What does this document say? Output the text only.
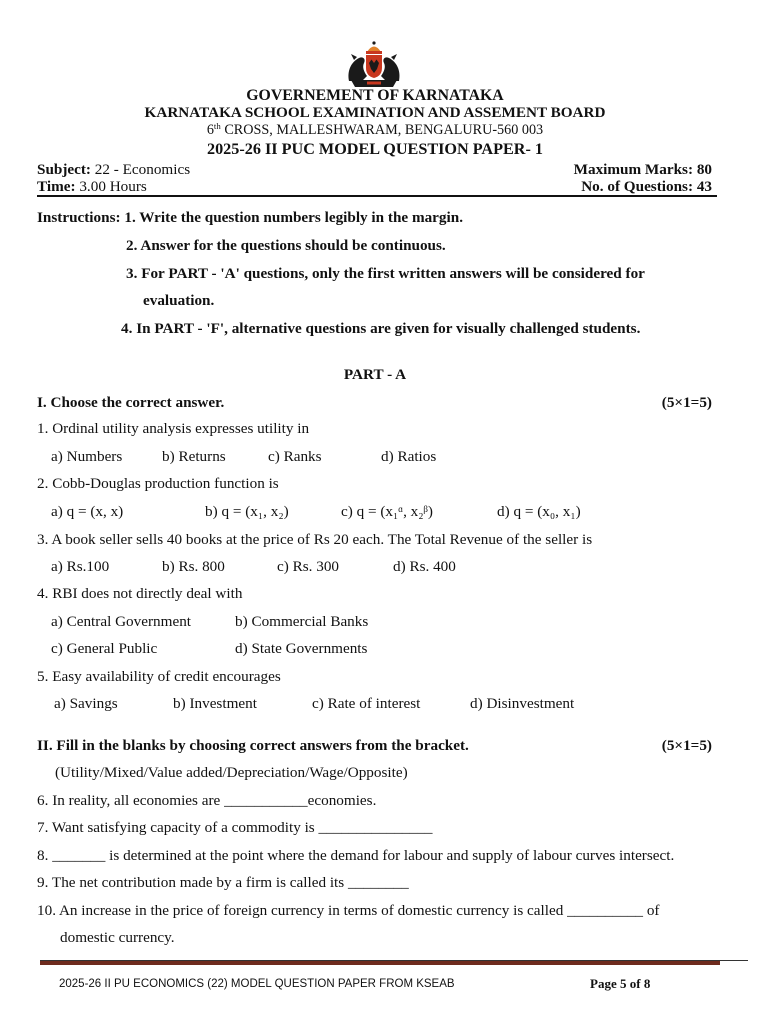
GOVERNEMENT OF KARNATAKA
KARNATAKA SCHOOL EXAMINATION AND ASSEMENT BOARD
6th CROSS, MALLESHWARAM, BENGALURU-560 003
2025-26 II PUC MODEL QUESTION PAPER- 1
Subject: 22 - Economics	Maximum Marks: 80
Time: 3.00 Hours	No. of Questions: 43
Instructions: 1. Write the question numbers legibly in the margin.
2. Answer for the questions should be continuous.
3. For PART - 'A' questions, only the first written answers will be considered for
evaluation.
4. In PART - 'F', alternative questions are given for visually challenged students.
PART - A
I. Choose the correct answer.	(5×1=5)
1. Ordinal utility analysis expresses utility in
a) Numbers	b) Returns	c) Ranks	d) Ratios
2. Cobb-Douglas production function is
a) q = (x, x)	b) q = (x₁, x₂)	c) q = (x₁ᵅ, x₂ᵝ)	d) q = (x₀, x₁)
3. A book seller sells 40 books at the price of Rs 20 each. The Total Revenue of the seller is
a) Rs.100	b) Rs. 800	c) Rs. 300	d) Rs. 400
4. RBI does not directly deal with
a) Central Government	b) Commercial Banks
c) General Public	d) State Governments
5. Easy availability of credit encourages
a) Savings	b) Investment	c) Rate of interest	d) Disinvestment
II. Fill in the blanks by choosing correct answers from the bracket.	(5×1=5)
(Utility/Mixed/Value added/Depreciation/Wage/Opposite)
6. In reality, all economies are ___________economies.
7. Want satisfying capacity of a commodity is _______________
8. _______ is determined at the point where the demand for labour and supply of labour curves intersect.
9. The net contribution made by a firm is called its ________
10. An increase in the price of foreign currency in terms of domestic currency is called __________ of
domestic currency.
2025-26 II PU ECONOMICS (22) MODEL QUESTION PAPER FROM KSEAB	Page 5 of 8
